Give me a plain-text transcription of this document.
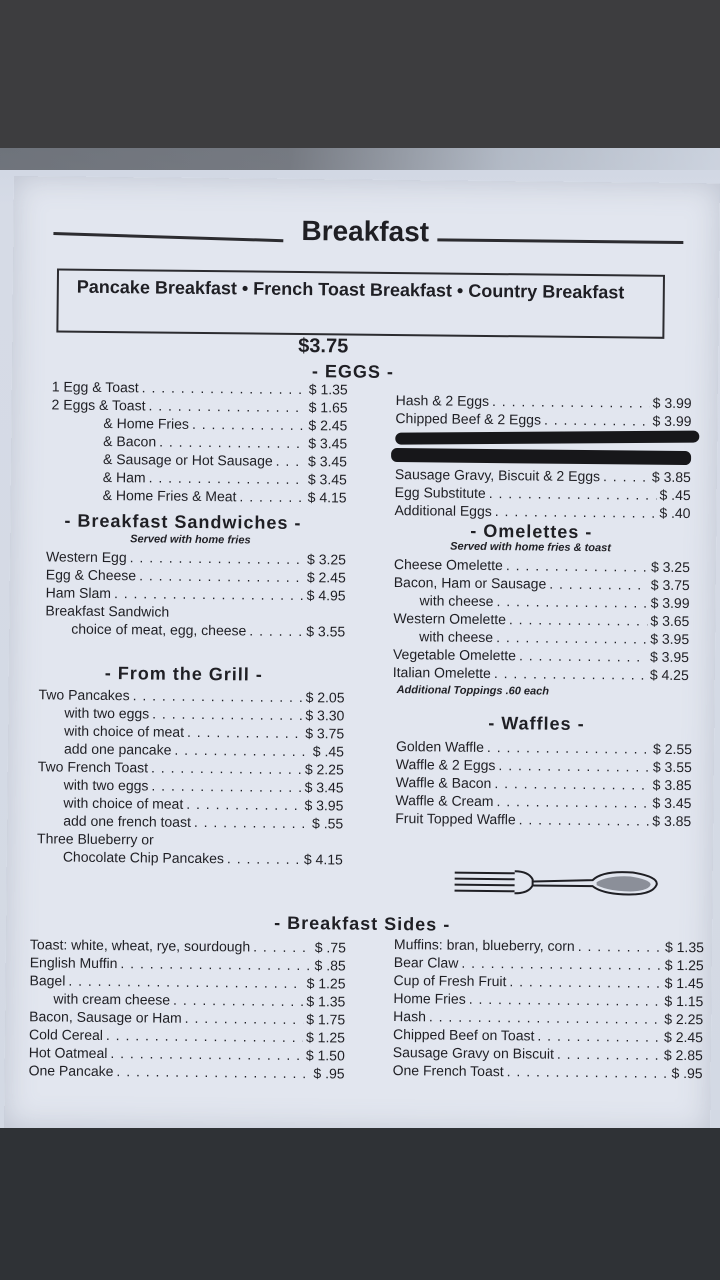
Breakfast
Pancake Breakfast • French Toast Breakfast • Country Breakfast
$3.75
- EGGS -
1 Egg & Toast . . .	$ 1.35
2 Eggs & Toast . . .	$ 1.65
& Home Fries . . .	$ 2.45
& Bacon . . .	$ 3.45
& Sausage or Hot Sausage . . .	$ 3.45
& Ham . . .	$ 3.45
& Home Fries & Meat . . .	$ 4.15
Hash & 2 Eggs . . .	$ 3.99
Chipped Beef & 2 Eggs . . .	$ 3.99
Sausage Gravy, Biscuit & 2 Eggs . . .	$ 3.85
Egg Substitute . . .	$ .45
Additional Eggs . . .	$ .40
- Breakfast Sandwiches -
Served with home fries
Western Egg . . .	$ 3.25
Egg & Cheese . . .	$ 2.45
Ham Slam . . .	$ 4.95
Breakfast Sandwich
choice of meat, egg, cheese . . .	$ 3.55
- Omelettes -
Served with home fries & toast
Cheese Omelette . . .	$ 3.25
Bacon, Ham or Sausage . . .	$ 3.75
with cheese . . .	$ 3.99
Western Omelette . . .	$ 3.65
with cheese . . .	$ 3.95
Vegetable Omelette . . .	$ 3.95
Italian Omelette . . .	$ 4.25
Additional Toppings .60 each
- From the Grill -
Two Pancakes . . .	$ 2.05
with two eggs . . .	$ 3.30
with choice of meat . . .	$ 3.75
add one pancake . . .	$ .45
Two French Toast . . .	$ 2.25
with two eggs . . .	$ 3.45
with choice of meat . . .	$ 3.95
add one french toast . . .	$ .55
Three Blueberry or
Chocolate Chip Pancakes . . .	$ 4.15
- Waffles -
Golden Waffle . . .	$ 2.55
Waffle & 2 Eggs . . .	$ 3.55
Waffle & Bacon . . .	$ 3.85
Waffle & Cream . . .	$ 3.45
Fruit Topped Waffle . . .	$ 3.85
- Breakfast Sides -
Toast: white, wheat, rye, sourdough . . .	$ .75
English Muffin . . .	$ .85
Bagel . . .	$ 1.25
with cream cheese . . .	$ 1.35
Bacon, Sausage or Ham . . .	$ 1.75
Cold Cereal . . .	$ 1.25
Hot Oatmeal . . .	$ 1.50
One Pancake . . .	$ .95
Muffins: bran, blueberry, corn . . .	$ 1.35
Bear Claw . . .	$ 1.25
Cup of Fresh Fruit . . .	$ 1.45
Home Fries . . .	$ 1.15
Hash . . .	$ 2.25
Chipped Beef on Toast . . .	$ 2.45
Sausage Gravy on Biscuit . . .	$ 2.85
One French Toast . . .	$ .95
